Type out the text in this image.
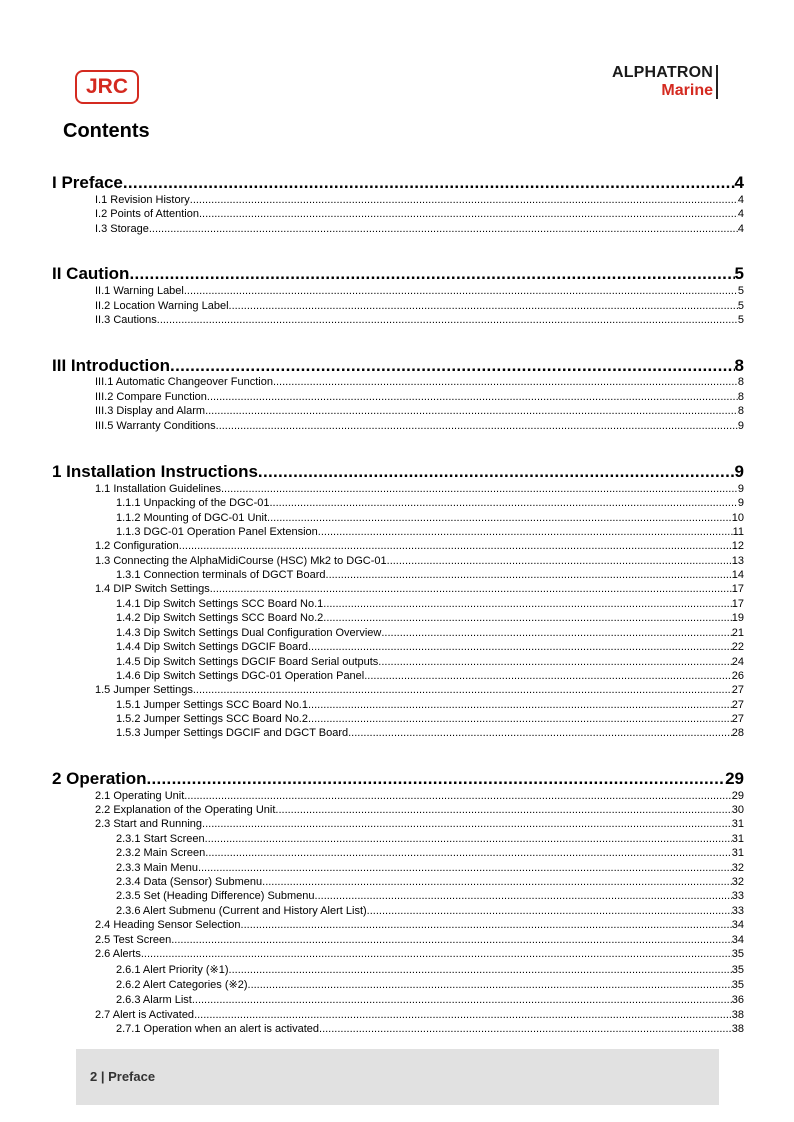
JRC
ALPHATRON
Marine
Contents
I Preface .....	4
I.1 Revision History .....	4
I.2 Points of Attention .....	4
I.3 Storage .....	4
II Caution .....	5
II.1 Warning Label .....	5
II.2 Location Warning Label .....	5
II.3 Cautions .....	5
III Introduction .....	8
III.1 Automatic Changeover Function .....	8
III.2 Compare Function .....	8
III.3 Display and Alarm .....	8
III.5 Warranty Conditions .....	9
1 Installation Instructions .....	9
1.1 Installation Guidelines .....	9
1.1.1 Unpacking of the DGC-01 .....	9
1.1.2 Mounting of DGC-01 Unit .....	10
1.1.3 DGC-01 Operation Panel Extension .....	11
1.2 Configuration .....	12
1.3 Connecting the AlphaMidiCourse (HSC) Mk2 to DGC-01 .....	13
1.3.1 Connection terminals of DGCT Board .....	14
1.4 DIP Switch Settings .....	17
1.4.1 Dip Switch Settings SCC Board No.1 .....	17
1.4.2 Dip Switch Settings SCC Board No.2 .....	19
1.4.3 Dip Switch Settings Dual Configuration Overview .....	21
1.4.4 Dip Switch Settings DGCIF Board .....	22
1.4.5 Dip Switch Settings DGCIF Board Serial outputs .....	24
1.4.6 Dip Switch Settings DGC-01 Operation Panel .....	26
1.5 Jumper Settings .....	27
1.5.1 Jumper Settings SCC Board No.1 .....	27
1.5.2 Jumper Settings SCC Board No.2 .....	27
1.5.3 Jumper Settings DGCIF and DGCT Board .....	28
2 Operation .....	29
2.1 Operating Unit .....	29
2.2 Explanation of the Operating Unit .....	30
2.3 Start and Running .....	31
2.3.1 Start Screen .....	31
2.3.2 Main Screen .....	31
2.3.3 Main Menu .....	32
2.3.4 Data (Sensor) Submenu .....	32
2.3.5 Set (Heading Difference) Submenu .....	33
2.3.6 Alert Submenu (Current and History Alert List) .....	33
2.4 Heading Sensor Selection .....	34
2.5 Test Screen .....	34
2.6 Alerts .....	35
2.6.1 Alert Priority (※1) .....	35
2.6.2 Alert Categories (※2) .....	35
2.6.3 Alarm List .....	36
2.7 Alert is Activated .....	38
2.7.1 Operation when an alert is activated .....	38
2 | Preface
